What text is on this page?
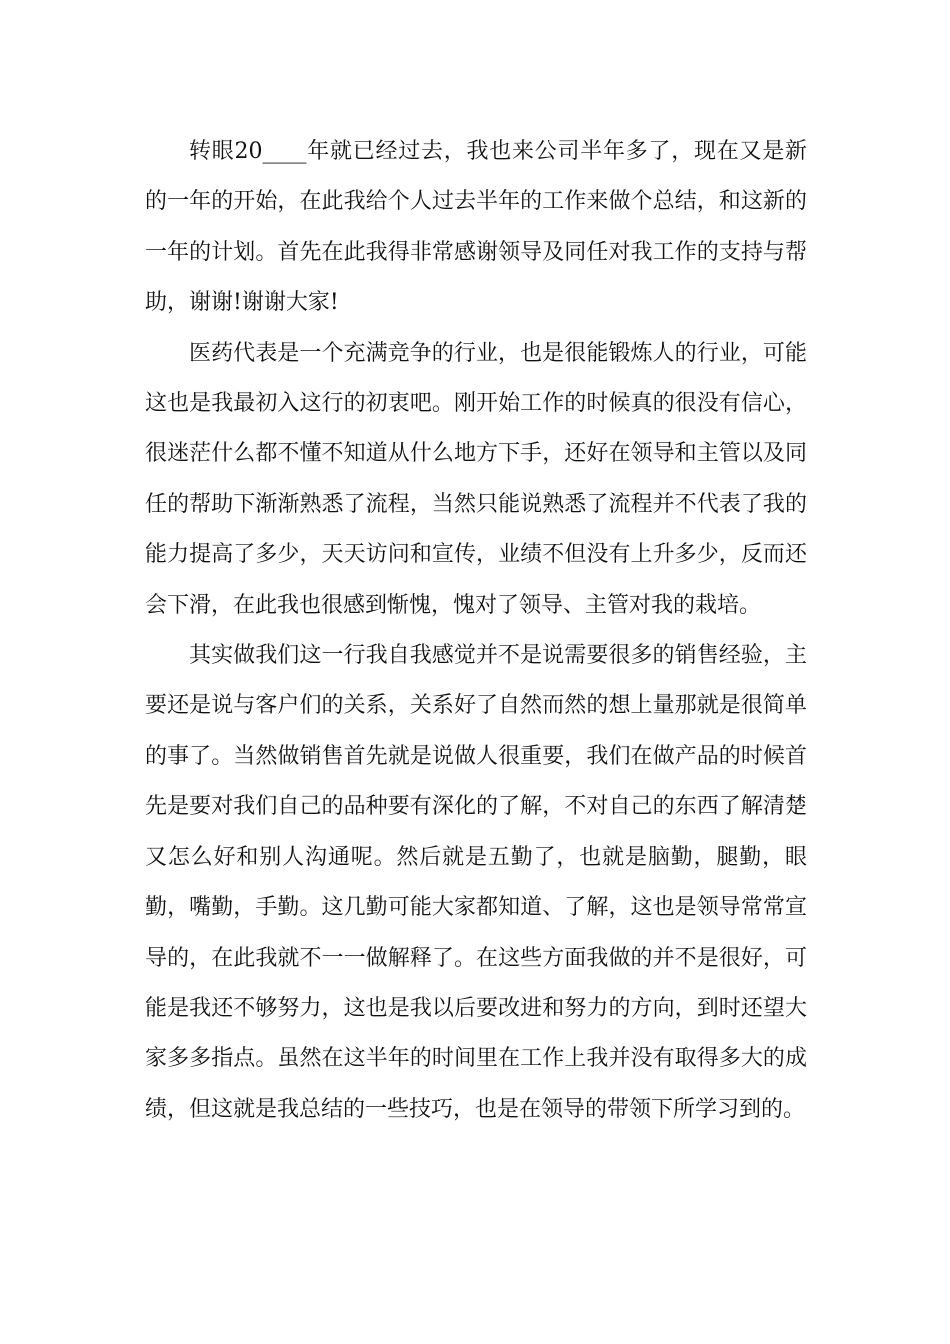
转眼20____年就已经过去，我也来公司半年多了，现在又是新的一年的开始，在此我给个人过去半年的工作来做个总结，和这新的一年的计划。首先在此我得非常感谢领导及同任对我工作的支持与帮助，谢谢!谢谢大家!

医药代表是一个充满竞争的行业，也是很能锻炼人的行业，可能这也是我最初入这行的初衷吧。刚开始工作的时候真的很没有信心，很迷茫什么都不懂不知道从什么地方下手，还好在领导和主管以及同任的帮助下渐渐熟悉了流程，当然只能说熟悉了流程并不代表了我的能力提高了多少，天天访问和宣传，业绩不但没有上升多少，反而还会下滑，在此我也很感到惭愧，愧对了领导、主管对我的栽培。

其实做我们这一行我自我感觉并不是说需要很多的销售经验，主要还是说与客户们的关系，关系好了自然而然的想上量那就是很简单的事了。当然做销售首先就是说做人很重要，我们在做产品的时候首先是要对我们自己的品种要有深化的了解，不对自己的东西了解清楚又怎么好和别人沟通呢。然后就是五勤了，也就是脑勤，腿勤，眼勤，嘴勤，手勤。这几勤可能大家都知道、了解，这也是领导常常宣导的，在此我就不一一做解释了。在这些方面我做的并不是很好，可能是我还不够努力，这也是我以后要改进和努力的方向，到时还望大家多多指点。虽然在这半年的时间里在工作上我并没有取得多大的成绩，但这就是我总结的一些技巧，也是在领导的带领下所学习到的。
